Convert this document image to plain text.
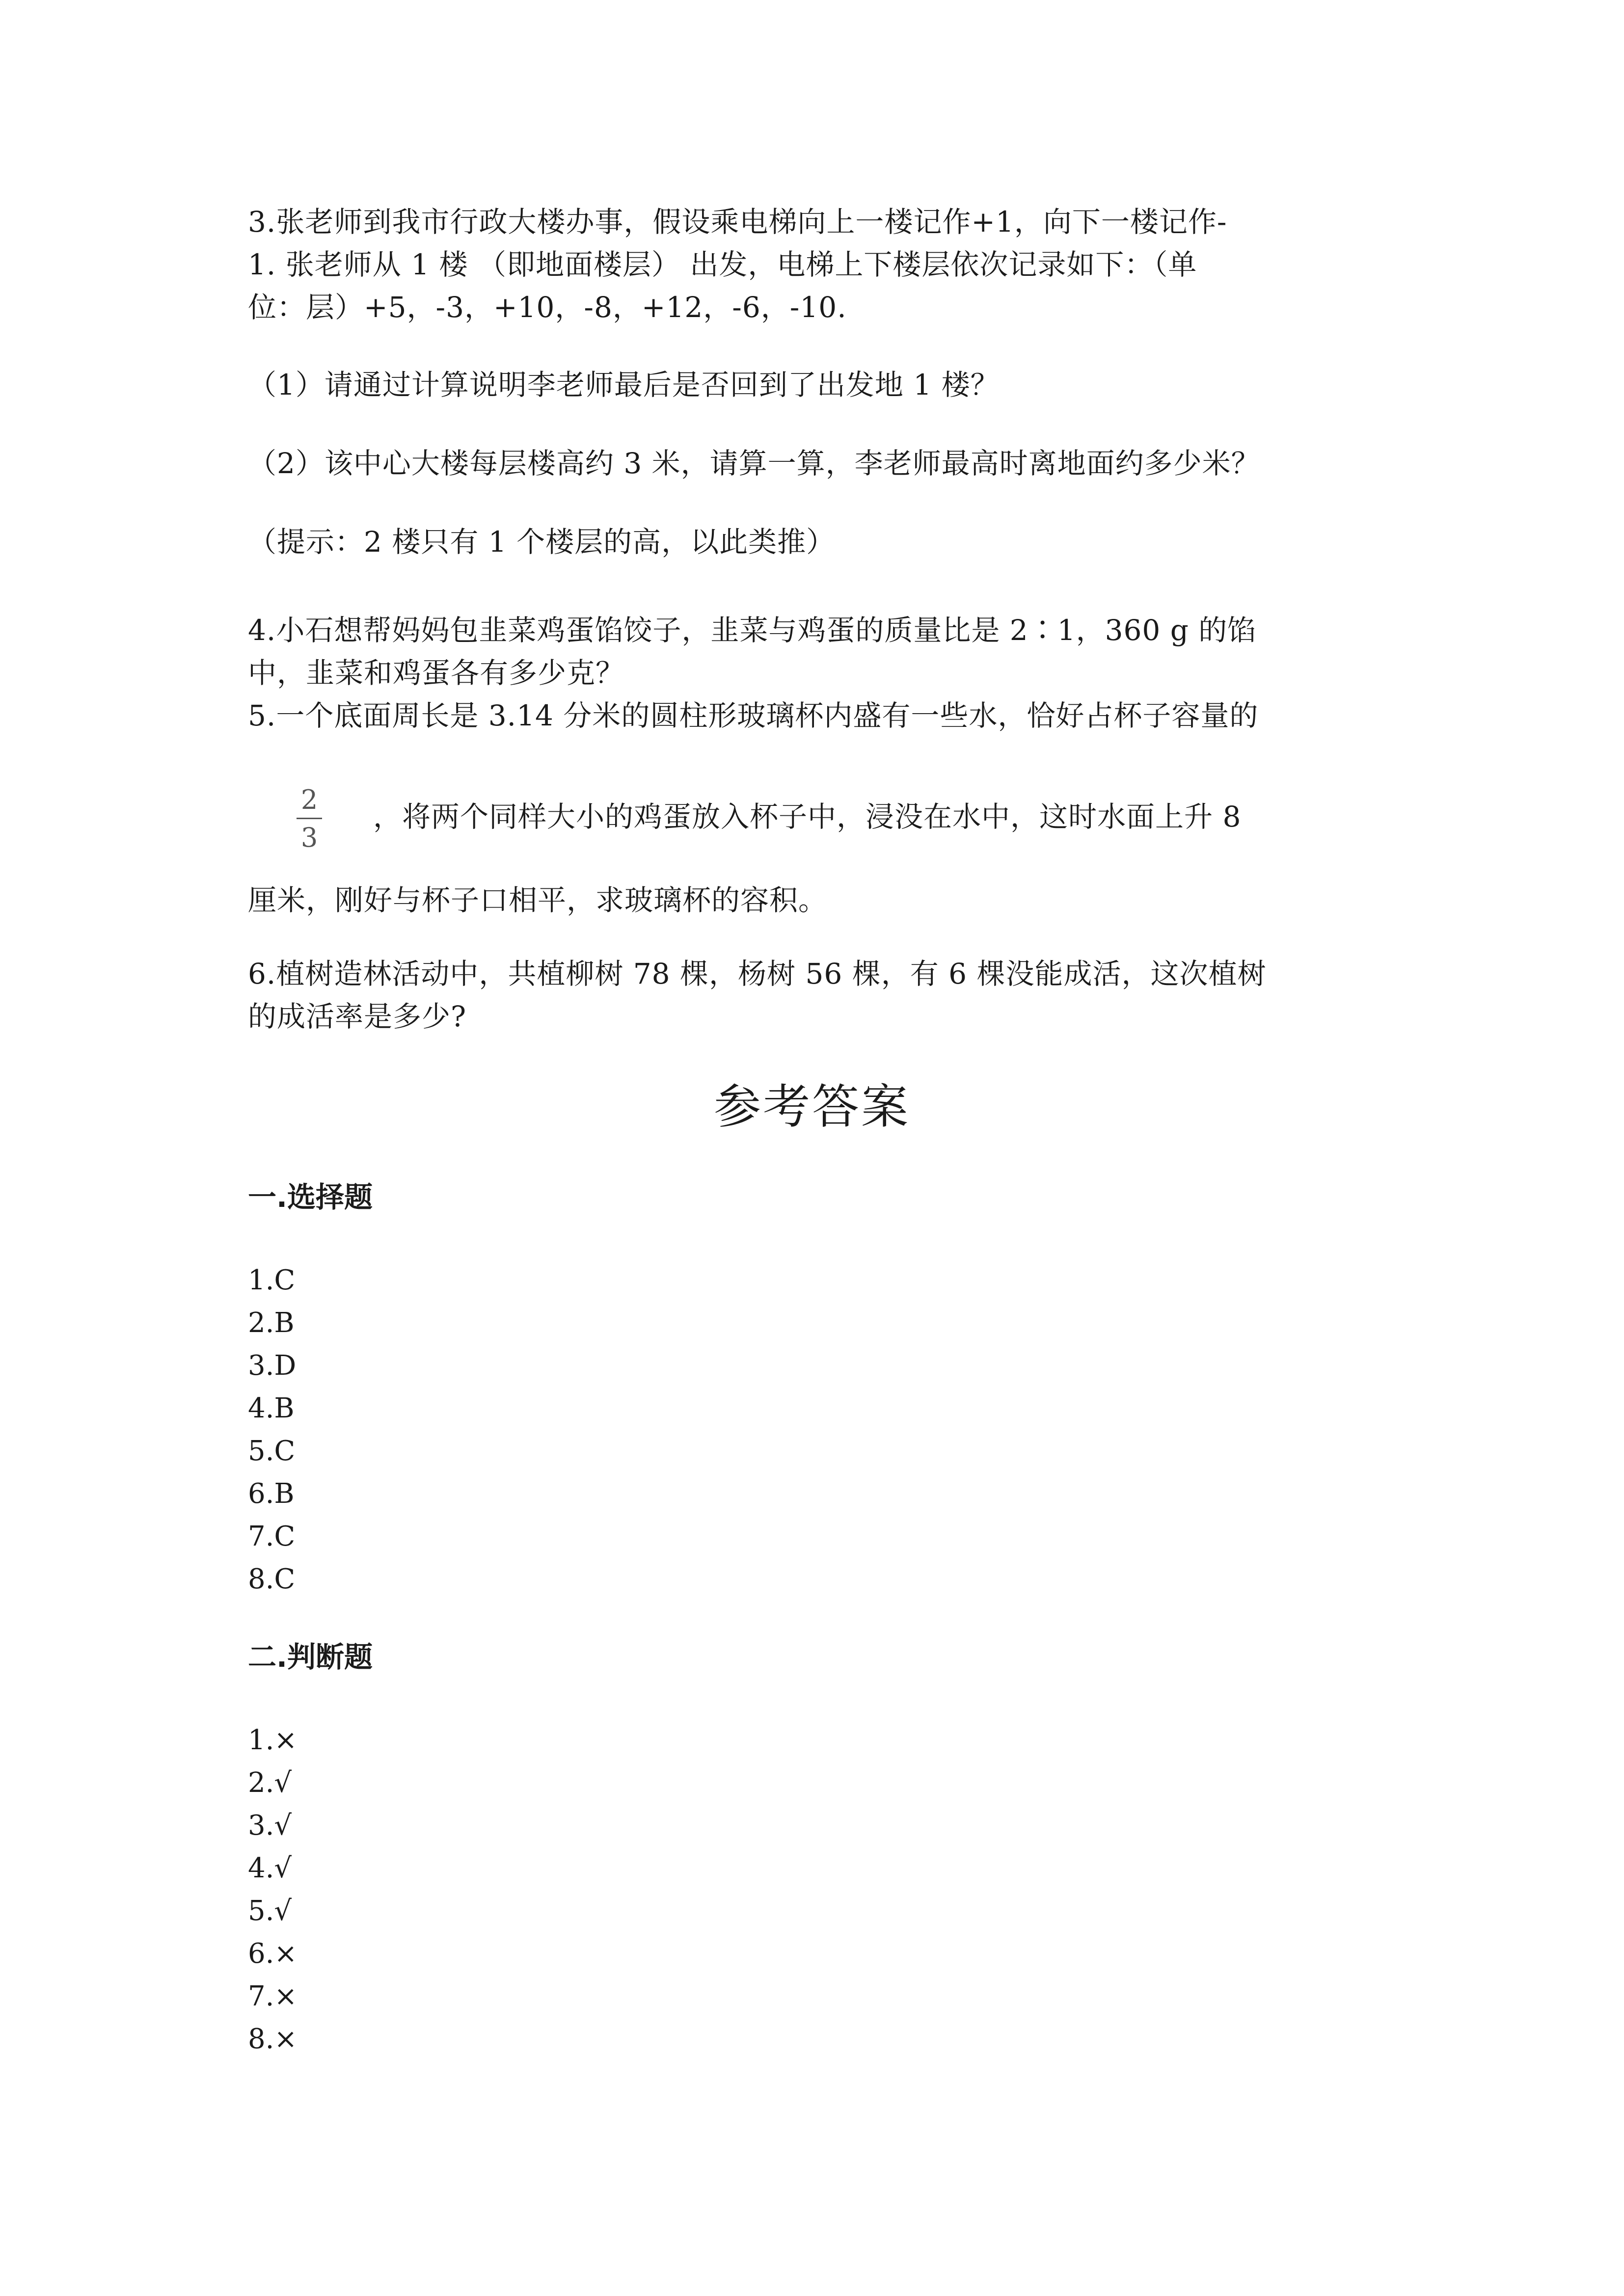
3.张老师到我市行政大楼办事，假设乘电梯向上一楼记作+1，向下一楼记作-
1. 张老师从 1 楼 （即地面楼层） 出发，电梯上下楼层依次记录如下：（单
位：层）+5，-3，+10，-8，+12，-6，-10.
（1）请通过计算说明李老师最后是否回到了出发地 1 楼？
（2）该中心大楼每层楼高约 3 米，请算一算，李老师最高时离地面约多少米？
（提示：2 楼只有 1 个楼层的高，以此类推）
4.小石想帮妈妈包韭菜鸡蛋馅饺子，韭菜与鸡蛋的质量比是 2∶1，360 g 的馅
中，韭菜和鸡蛋各有多少克？
5.一个底面周长是 3.14 分米的圆柱形玻璃杯内盛有一些水，恰好占杯子容量的
2
3
，将两个同样大小的鸡蛋放入杯子中，浸没在水中，这时水面上升 8
厘米，刚好与杯子口相平，求玻璃杯的容积。
6.植树造林活动中，共植柳树 78 棵，杨树 56 棵，有 6 棵没能成活，这次植树
的成活率是多少?
参考答案
一.选择题
1.C
2.B
3.D
4.B
5.C
6.B
7.C
8.C
二.判断题
1.×
2.√
3.√
4.√
5.√
6.×
7.×
8.×
